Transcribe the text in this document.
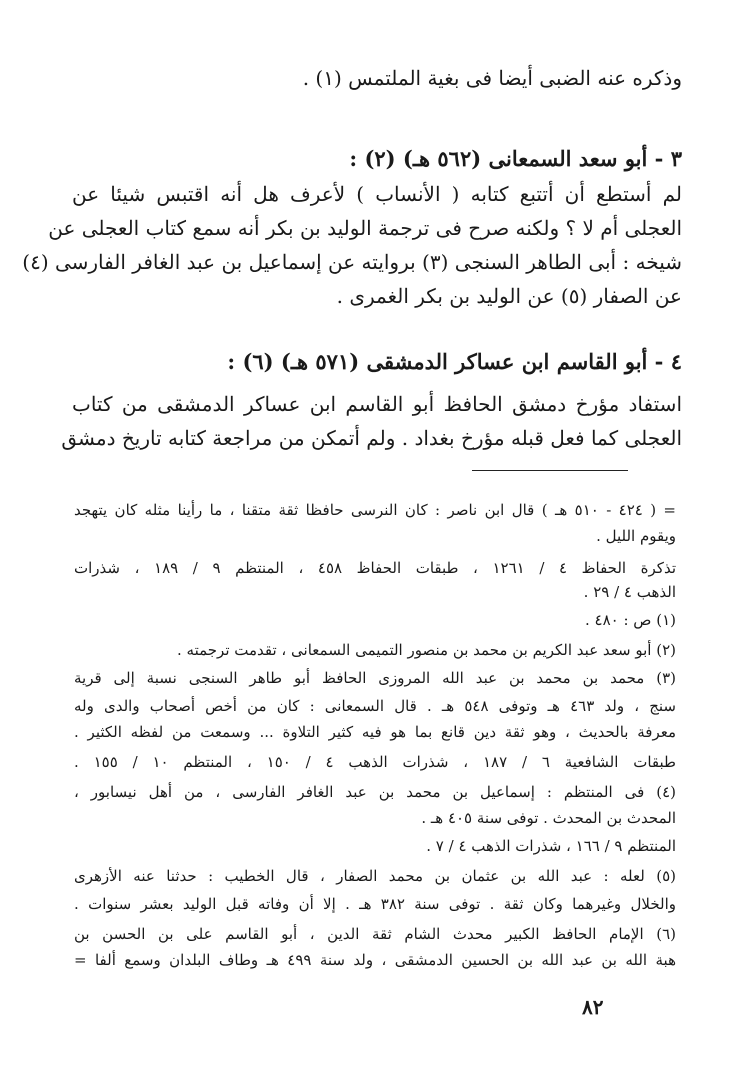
وذكره عنه الضبى أيضا فى بغية الملتمس (١) .
٣ - أبو سعد السمعانى (٥٦٢ هـ) (٢) :
لم أستطع أن أتتبع كتابه ( الأنساب ) لأعرف هل أنه اقتبس شيئا عن
العجلى أم لا ؟ ولكنه صرح فى ترجمة الوليد بن بكر أنه سمع كتاب العجلى عن
شيخه : أبى الطاهر السنجى (٣) بروايته عن إسماعيل بن عبد الغافر الفارسى (٤)
عن الصفار (٥) عن الوليد بن بكر الغمرى .
٤ - أبو القاسم ابن عساكر الدمشقى (٥٧١ هـ) (٦) :
استفاد مؤرخ دمشق الحافظ أبو القاسم ابن عساكر الدمشقى من كتاب
العجلى كما فعل قبله مؤرخ بغداد . ولم أتمكن من مراجعة كتابه تاريخ دمشق
= ( ٤٢٤ - ٥١٠ هـ ) قال ابن ناصر : كان النرسى حافظا ثقة متقنا ، ما رأينا مثله كان يتهجد
ويقوم الليل .
تذكرة الحفاظ ٤ / ١٢٦١ ، طبقات الحفاظ ٤٥٨ ، المنتظم ٩ / ١٨٩ ، شذرات
الذهب ٤ / ٢٩ .
(١) ص : ٤٨٠ .
(٢) أبو سعد عبد الكريم بن محمد بن منصور التميمى السمعانى ، تقدمت ترجمته .
(٣) محمد بن محمد بن عبد الله المروزى الحافظ أبو طاهر السنجى نسبة إلى قرية
سنج ، ولد ٤٦٣ هـ وتوفى ٥٤٨ هـ . قال السمعانى : كان من أخص أصحاب والدى وله
معرفة بالحديث ، وهو ثقة دين قانع بما هو فيه كثير التلاوة ... وسمعت من لفظه الكثير .
طبقات الشافعية ٦ / ١٨٧ ، شذرات الذهب ٤ / ١٥٠ ، المنتظم ١٠ / ١٥٥ .
(٤) فى المنتظم : إسماعيل بن محمد بن عبد الغافر الفارسى ، من أهل نيسابور ،
المحدث بن المحدث . توفى سنة ٤٠٥ هـ .
المنتظم ٩ / ١٦٦ ، شذرات الذهب ٤ / ٧ .
(٥) لعله : عبد الله بن عثمان بن محمد الصفار ، قال الخطيب : حدثنا عنه الأزهرى
والخلال وغيرهما وكان ثقة . توفى سنة ٣٨٢ هـ . إلا أن وفاته قبل الوليد بعشر سنوات .
(٦) الإمام الحافظ الكبير محدث الشام ثقة الدين ، أبو القاسم على بن الحسن بن
هبة الله بن عبد الله بن الحسين الدمشقى ، ولد سنة ٤٩٩ هـ وطاف البلدان وسمع ألفا =
٨٢
